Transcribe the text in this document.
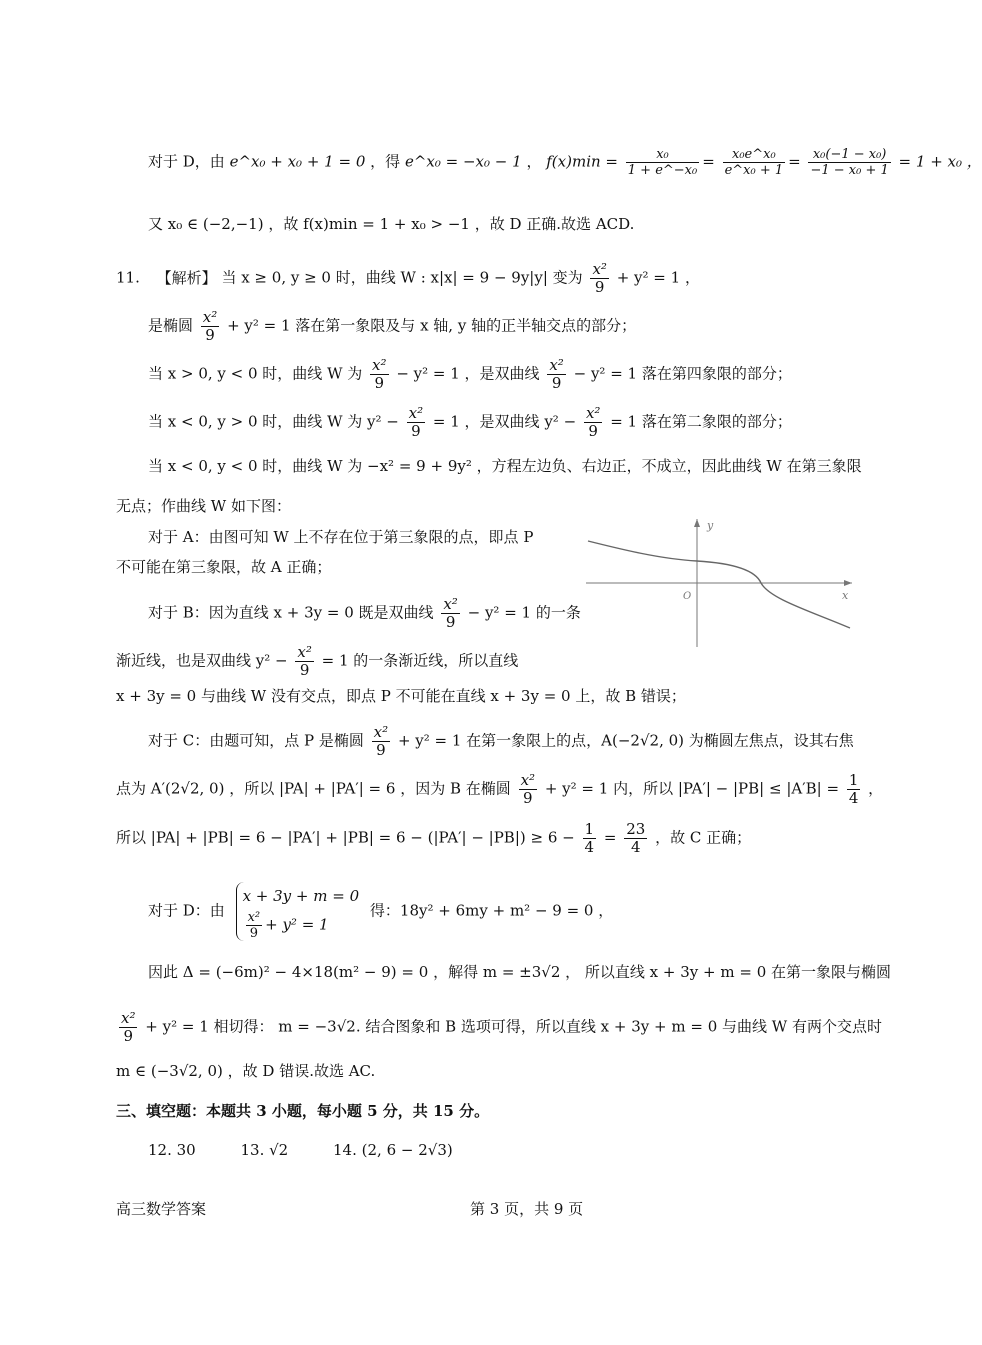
对于 D，由 e^x₀ + x₀ + 1 = 0 ，得 e^x₀ = −x₀ − 1 ， $f(x)\min = \frac{\text{x₀}}{\text{1 + e\textasciicircum{}−x₀}} = \frac{\text{x₀e\textasciicircum{}x₀}}{\text{e\textasciicircum{}x₀ + 1}} = \frac{\text{x₀(−1 − x₀)}}{\text{−1 − x₀ + 1}} = 1 + x_0$ ，
又 x₀ ∈ (−2,−1) ，故 f(x)min = 1 + x₀ > −1 ，故 D 正确.故选 ACD.
11. 【解析】 当 x ≥ 0, y ≥ 0 时，曲线 W : x|x| = 9 − 9y|y| 变为 $\frac{\text{x²}}{9} + y^2 = 1$ ，
是椭圆 $\frac{\text{x²}}{9} + y^2 = 1$ 落在第一象限及与 x 轴, y 轴的正半轴交点的部分；
当 x > 0, y < 0 时，曲线 W 为 $\frac{\text{x²}}{9} - y^2 = 1$ ，是双曲线 $\frac{\text{x²}}{9} - y^2 = 1$ 落在第四象限的部分；
当 x < 0, y > 0 时，曲线 W 为 $y^2 - \frac{\text{x²}}{9} = 1$ ，是双曲线 $y^2 - \frac{\text{x²}}{9} = 1$ 落在第二象限的部分；
当 x < 0, y < 0 时，曲线 W 为 −x² = 9 + 9y² ，方程左边负、右边正，不成立，因此曲线 W 在第三象限
无点；作曲线 W 如下图：
对于 A：由图可知 W 上不存在位于第三象限的点，即点 P
不可能在第三象限，故 A 正确；
对于 B：因为直线 x + 3y = 0 既是双曲线 $\frac{\text{x²}}{9} - y^2 = 1$ 的一条
渐近线，也是双曲线 $y^2 - \frac{\text{x²}}{9} = 1$ 的一条渐近线，所以直线
x + 3y = 0 与曲线 W 没有交点，即点 P 不可能在直线 x + 3y = 0 上，故 B 错误；
y
x
O
对于 C：由题可知，点 P 是椭圆 $\frac{\text{x²}}{9} + y^2 = 1$ 在第一象限上的点，A(−2√2, 0) 为椭圆左焦点，设其右焦
点为 A′(2√2, 0) ，所以 |PA| + |PA′| = 6 ，因为 B 在椭圆 $\frac{\text{x²}}{9} + y^2 = 1$ 内，所以 $|PA'| - |PB| \le |A'B| = \frac{1}{4}$ ，
所以 $|PA| + |PB| = 6 - |PA'| + |PB| = 6 - (|PA'| - |PB|) \ge 6 - \frac{1}{4} = \frac{23}{4}$ ，故 C 正确；
对于 D：由
x + 3y + m = 0
$\frac{\text{x²}}{9} + y^2 = 1$
得：18y² + 6my + m² − 9 = 0 ，
因此 Δ = (−6m)² − 4×18(m² − 9) = 0 ，解得 m = ±3√2 ， 所以直线 x + 3y + m = 0 在第一象限与椭圆
$\frac{\text{x²}}{9} + y^2 = 1$ 相切得： m = −3√2. 结合图象和 B 选项可得，所以直线 x + 3y + m = 0 与曲线 W 有两个交点时
m ∈ (−3√2, 0) ，故 D 错误.故选 AC.
三、填空题：本题共 3 小题，每小题 5 分，共 15 分。
12. 30	13. √2	14. (2, 6 − 2√3)
高三数学答案	第 3 页，共 9 页
